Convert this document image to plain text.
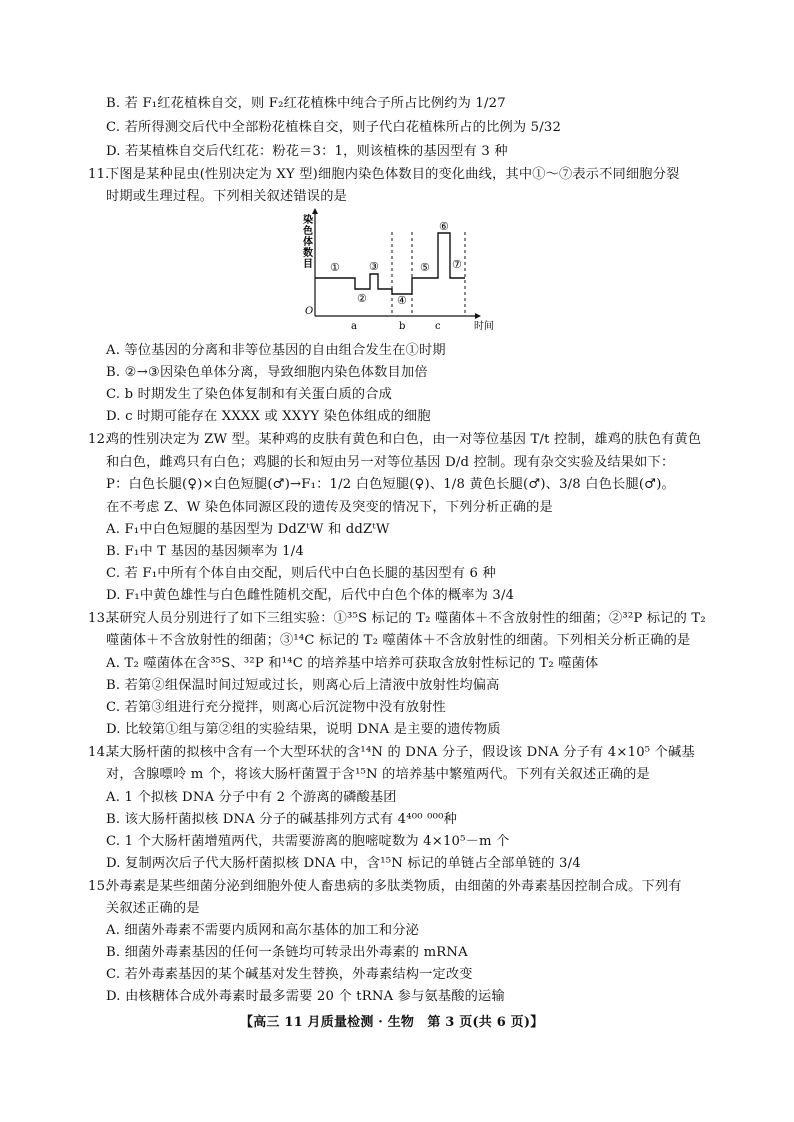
B. 若 F₁红花植株自交，则 F₂红花植株中纯合子所占比例约为 1/27
C. 若所得测交后代中全部粉花植株自交，则子代白花植株所占的比例为 5/32
D. 若某植株自交后代红花：粉花＝3：1，则该植株的基因型有 3 种
11.
下图是某种昆虫(性别决定为 XY 型)细胞内染色体数目的变化曲线，其中①～⑦表示不同细胞分裂
时期或生理过程。下列相关叙述错误的是
染
色
体
数
目
O
时间
①
②
③
④
⑤
⑥
⑦
a	b	c
A. 等位基因的分离和非等位基因的自由组合发生在①时期
B. ②→③因染色单体分离，导致细胞内染色体数目加倍
C. b 时期发生了染色体复制和有关蛋白质的合成
D. c 时期可能存在 XXXX 或 XXYY 染色体组成的细胞
12.
鸡的性别决定为 ZW 型。某种鸡的皮肤有黄色和白色，由一对等位基因 T/t 控制，雄鸡的肤色有黄色
和白色，雌鸡只有白色；鸡腿的长和短由另一对等位基因 D/d 控制。现有杂交实验及结果如下：
P：白色长腿(♀)×白色短腿(♂)→F₁：1/2 白色短腿(♀)、1/8 黄色长腿(♂)、3/8 白色长腿(♂)。
在不考虑 Z、W 染色体同源区段的遗传及突变的情况下，下列分析正确的是
A. F₁中白色短腿的基因型为 DdZᵗW 和 ddZᵗW
B. F₁中 T 基因的基因频率为 1/4
C. 若 F₁中所有个体自由交配，则后代中白色长腿的基因型有 6 种
D. F₁中黄色雄性与白色雌性随机交配，后代中白色个体的概率为 3/4
13.
某研究人员分别进行了如下三组实验：①³⁵S 标记的 T₂ 噬菌体＋不含放射性的细菌；②³²P 标记的 T₂
噬菌体＋不含放射性的细菌；③¹⁴C 标记的 T₂ 噬菌体＋不含放射性的细菌。下列相关分析正确的是
A. T₂ 噬菌体在含³⁵S、³²P 和¹⁴C 的培养基中培养可获取含放射性标记的 T₂ 噬菌体
B. 若第②组保温时间过短或过长，则离心后上清液中放射性均偏高
C. 若第③组进行充分搅拌，则离心后沉淀物中没有放射性
D. 比较第①组与第②组的实验结果，说明 DNA 是主要的遗传物质
14.
某大肠杆菌的拟核中含有一个大型环状的含¹⁴N 的 DNA 分子，假设该 DNA 分子有 4×10⁵ 个碱基
对，含腺嘌呤 m 个，将该大肠杆菌置于含¹⁵N 的培养基中繁殖两代。下列有关叙述正确的是
A. 1 个拟核 DNA 分子中有 2 个游离的磷酸基团
B. 该大肠杆菌拟核 DNA 分子的碱基排列方式有 4⁴⁰⁰ ⁰⁰⁰种
C. 1 个大肠杆菌增殖两代，共需要游离的胞嘧啶数为 4×10⁵－m 个
D. 复制两次后子代大肠杆菌拟核 DNA 中，含¹⁵N 标记的单链占全部单链的 3/4
15.
外毒素是某些细菌分泌到细胞外使人畜患病的多肽类物质，由细菌的外毒素基因控制合成。下列有
关叙述正确的是
A. 细菌外毒素不需要内质网和高尔基体的加工和分泌
B. 细菌外毒素基因的任何一条链均可转录出外毒素的 mRNA
C. 若外毒素基因的某个碱基对发生替换，外毒素结构一定改变
D. 由核糖体合成外毒素时最多需要 20 个 tRNA 参与氨基酸的运输
【高三 11 月质量检测 · 生物　第 3 页(共 6 页)】
